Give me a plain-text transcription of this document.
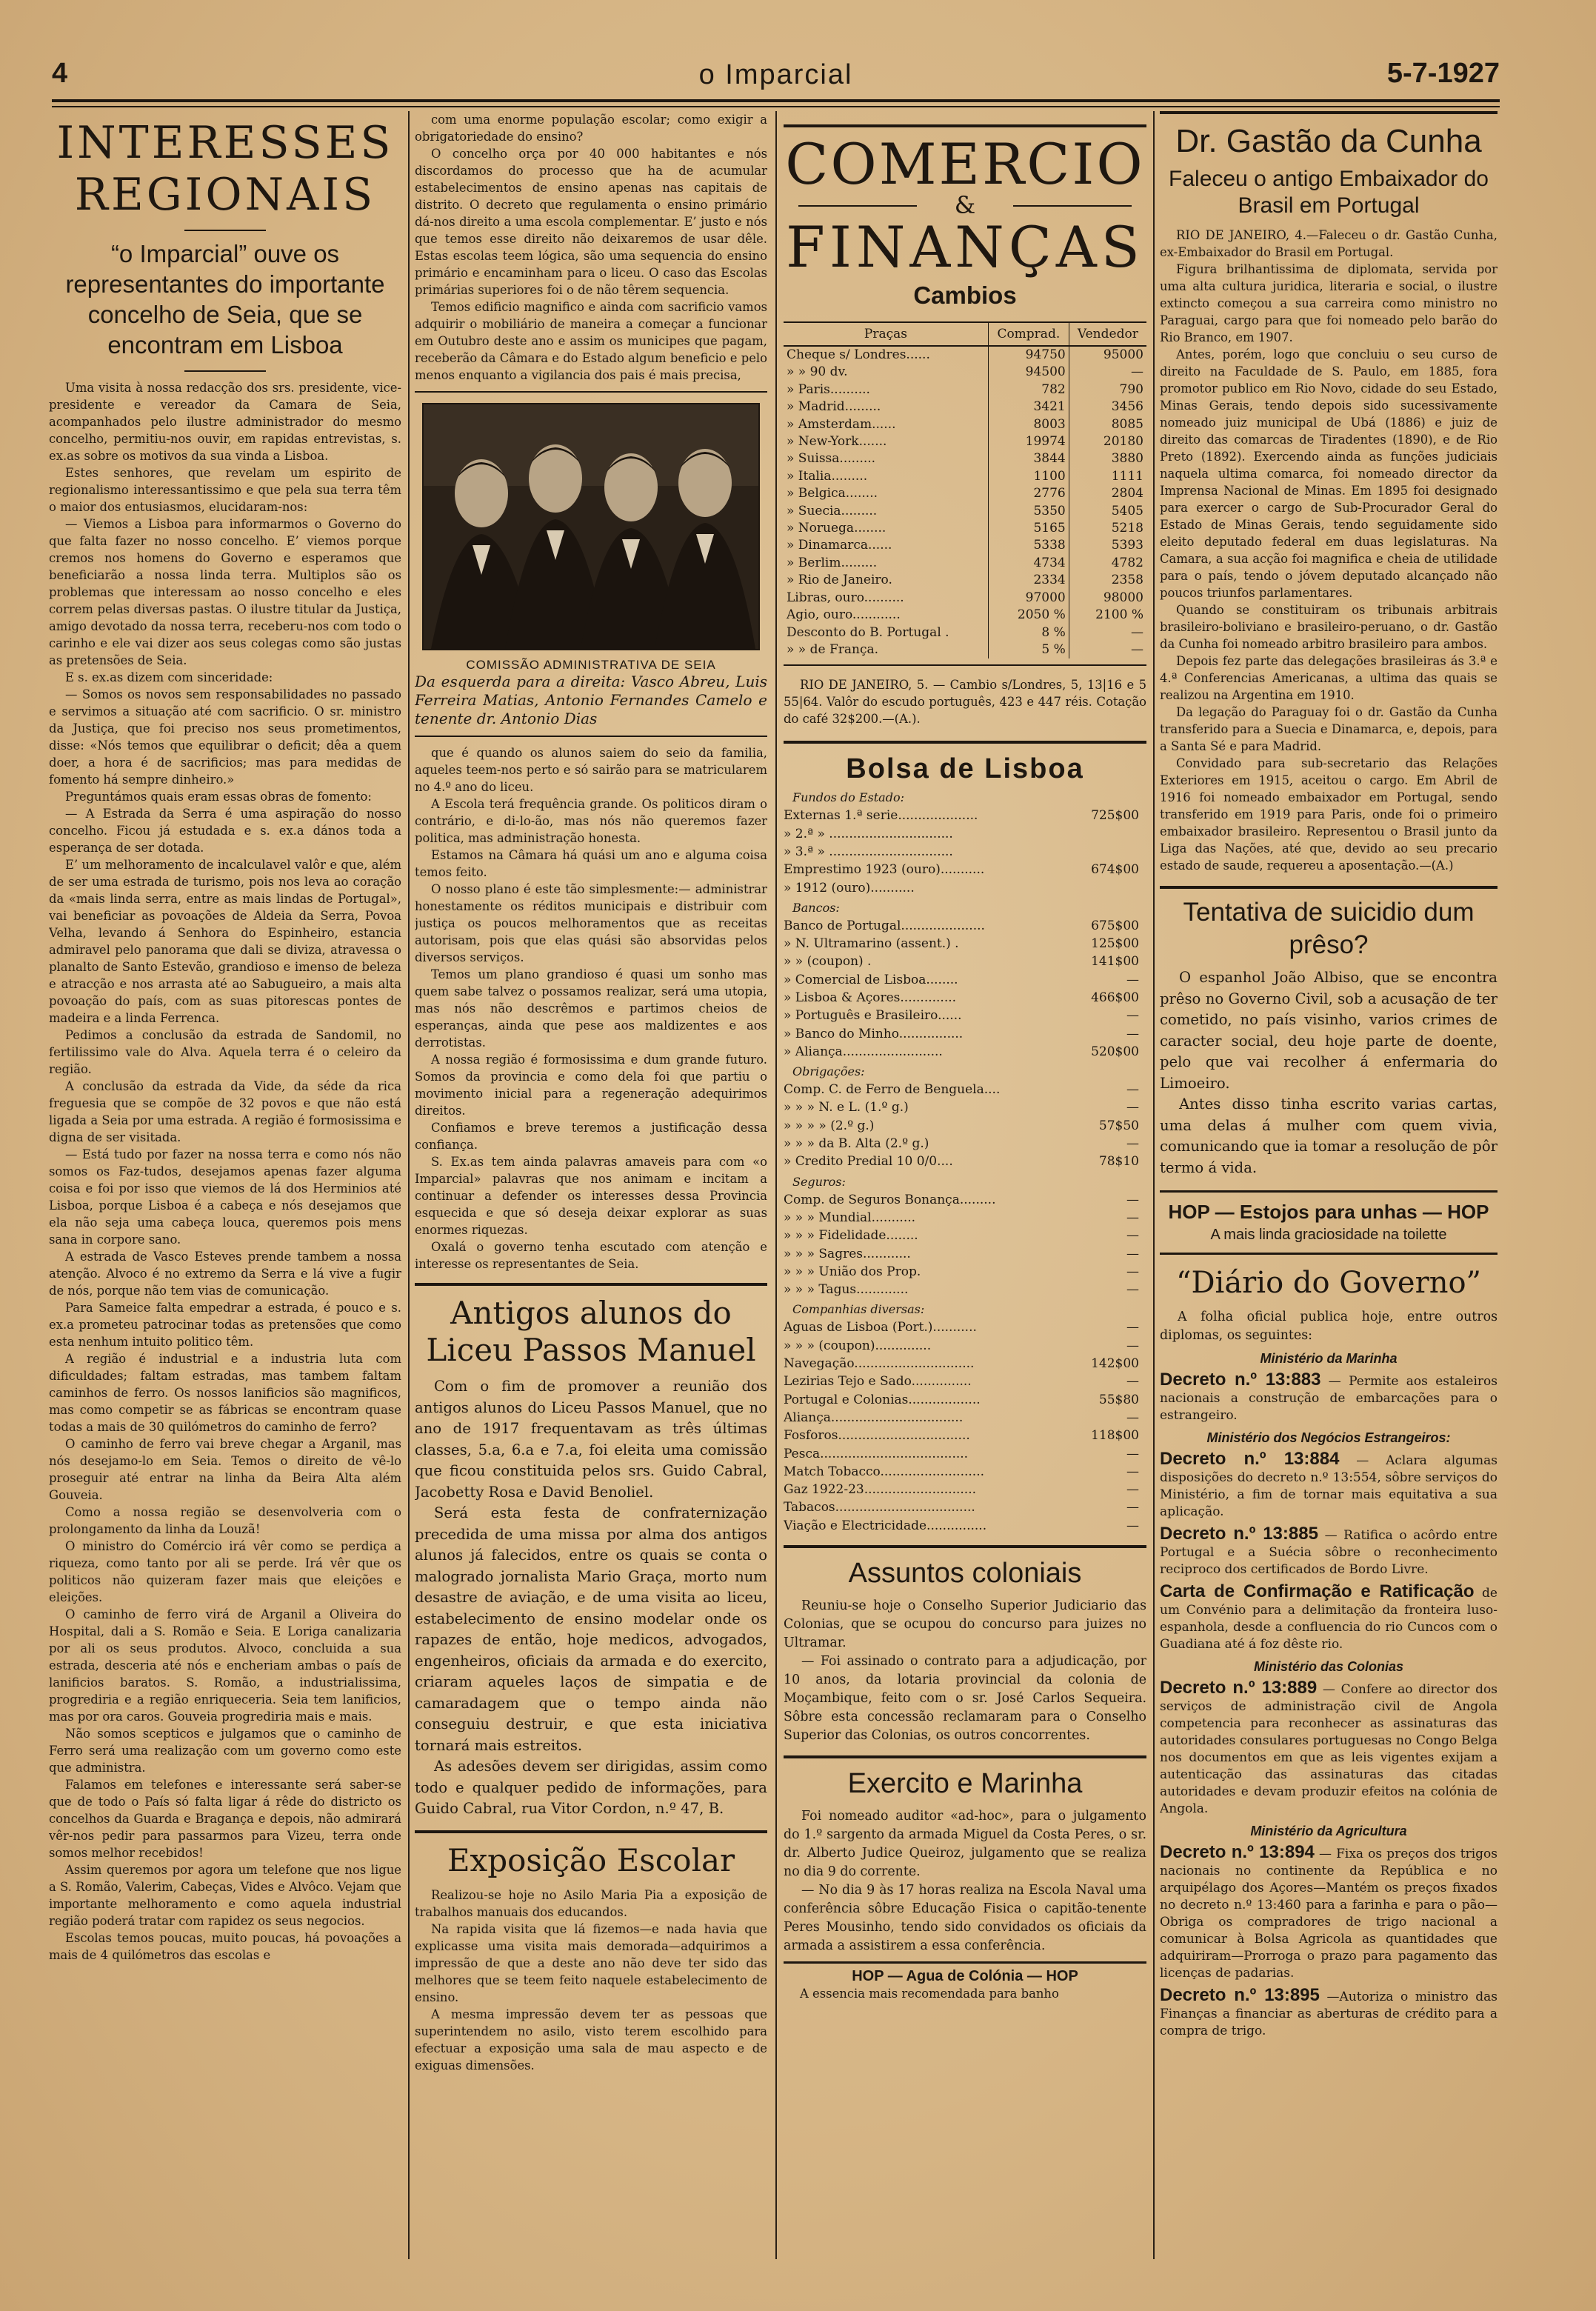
4	o Imparcial	5-7-1927
INTERESSES REGIONAIS
“o Imparcial” ouve os representantes do importante concelho de Seia, que se encontram em Lisboa

Uma visita à nossa redacção dos srs. presidente, vice-presidente e vereador da Camara de Seia, acompanhados pelo ilustre administrador do mesmo concelho, permitiu-nos ouvir, em rapidas entrevistas, s. ex.as sobre os motivos da sua vinda a Lisboa.

Estes senhores, que revelam um espirito de regionalismo interessantissimo e que pela sua terra têm o maior dos entusiasmos, elucidaram-nos:

— Viemos a Lisboa para informarmos o Governo do que falta fazer no nosso concelho. E’ viemos porque cremos nos homens do Governo e esperamos que beneficiarão a nossa linda terra. Multiplos são os problemas que interessam ao nosso concelho e eles correm pelas diversas pastas. O ilustre titular da Justiça, amigo devotado da nossa terra, receberu-nos com todo o carinho e ele vai dizer aos seus colegas como são justas as pretensões de Seia.

E s. ex.as dizem com sinceridade:

— Somos os novos sem responsabilidades no passado e servimos a situação até com sacrificio. O sr. ministro da Justiça, que foi preciso nos seus prometimentos, disse: «Nós temos que equilibrar o deficit; dêa a quem doer, a hora é de sacrificios; mas para medidas de fomento há sempre dinheiro.»

Preguntámos quais eram essas obras de fomento:

— A Estrada da Serra é uma aspiração do nosso concelho. Ficou já estudada e s. ex.a dános toda a esperança de ser dotada.

E’ um melhoramento de incalculavel valôr e que, além de ser uma estrada de turismo, pois nos leva ao coração da «mais linda serra, entre as mais lindas de Portugal», vai beneficiar as povoações de Aldeia da Serra, Povoa Velha, levando á Senhora do Espinheiro, estancia admiravel pelo panorama que dali se diviza, atravessa o planalto de Santo Estevão, grandioso e imenso de beleza e atracção e nos arrasta até ao Sabugueiro, a mais alta povoação do país, com as suas pitorescas pontes de madeira e a linda Ferrenca.

Pedimos a conclusão da estrada de Sandomil, no fertilissimo vale do Alva. Aquela terra é o celeiro da região.

A conclusão da estrada da Vide, da séde da rica freguesia que se compõe de 32 povos e que não está ligada a Seia por uma estrada. A região é formosissima e digna de ser visitada.

— Está tudo por fazer na nossa terra e como nós não somos os Faz-tudos, desejamos apenas fazer alguma coisa e foi por isso que viemos de lá dos Herminios até Lisboa, porque Lisboa é a cabeça e nós desejamos que ela não seja uma cabeça louca, queremos pois mens sana in corpore sano.

A estrada de Vasco Esteves prende tambem a nossa atenção. Alvoco é no extremo da Serra e lá vive a fugir de nós, porque não tem vias de comunicação.

Para Sameice falta empedrar a estrada, é pouco e s. ex.a prometeu patrocinar todas as pretensões que como esta nenhum intuito politico têm.

A região é industrial e a industria luta com dificuldades; faltam estradas, mas tambem faltam caminhos de ferro. Os nossos lanificios são magnificos, mas como competir se as fábricas se encontram quase todas a mais de 30 quilómetros do caminho de ferro?

O caminho de ferro vai breve chegar a Arganil, mas nós desejamo-lo em Seia. Temos o direito de vê-lo proseguir até entrar na linha da Beira Alta além Gouveia.

Como a nossa região se desenvolveria com o prolongamento da linha da Louzã!

O ministro do Comércio irá vêr como se perdiça a riqueza, como tanto por ali se perde. Irá vêr que os politicos não quizeram fazer mais que eleições e eleições.

O caminho de ferro virá de Arganil a Oliveira do Hospital, dali a S. Romão e Seia. E Loriga canalizaria por ali os seus produtos. Alvoco, concluida a sua estrada, desceria até nós e encheriam ambas o país de lanificios baratos. S. Romão, a industrialissima, progrediria e a região enriqueceria. Seia tem lanificios, mas por ora caros. Gouveia progrediria mais e mais.

Não somos scepticos e julgamos que o caminho de Ferro será uma realização com um governo como este que administra.

Falamos em telefones e interessante será saber-se que de todo o País só falta ligar á rêde do districto os concelhos da Guarda e Bragança e depois, não admirará vêr-nos pedir para passarmos para Vizeu, terra onde somos melhor recebidos!

Assim queremos por agora um telefone que nos ligue a S. Romão, Valerim, Cabeças, Vides e Alvôco. Vejam que importante melhoramento e como aquela industrial região poderá tratar com rapidez os seus negocios.

Escolas temos poucas, muito poucas, há povoações a mais de 4 quilómetros das escolas e

com uma enorme população escolar; como exigir a obrigatoriedade do ensino?

O concelho orça por 40 000 habitantes e nós discordamos do processo que ha de acumular estabelecimentos de ensino apenas nas capitais de distrito. O decreto que regulamenta o ensino primário dá-nos direito a uma escola complementar. E’ justo e nós que temos esse direito não deixaremos de usar dêle. Estas escolas teem lógica, são uma sequencia do ensino primário e encaminham para o liceu. O caso das Escolas primárias superiores foi o de não têrem sequencia.

Temos edificio magnifico e ainda com sacrificio vamos adquirir o mobiliário de maneira a começar a funcionar em Outubro deste ano e assim os municipes que pagam, receberão da Câmara e do Estado algum beneficio e pelo menos enquanto a vigilancia dos pais é mais precisa,

COMISSÃO ADMINISTRATIVA DE SEIA
Da esquerda para a direita: Vasco Abreu, Luis Ferreira Matias, Antonio Fernandes Camelo e tenente dr. Antonio Dias

que é quando os alunos saiem do seio da familia, aqueles teem-nos perto e só sairão para se matricularem no 4.º ano do liceu.

A Escola terá frequência grande. Os politicos diram o contrário, e di-lo-ão, mas nós não queremos fazer politica, mas administração honesta.

Estamos na Câmara há quási um ano e alguma coisa temos feito.

O nosso plano é este tão simplesmente:— administrar honestamente os réditos municipais e distribuir com justiça os poucos melhoramentos que as receitas autorisam, pois que elas quási são absorvidas pelos diversos serviços.

Temos um plano grandioso é quasi um sonho mas quem sabe talvez o possamos realizar, será uma utopia, mas nós não descrêmos e partimos cheios de esperanças, ainda que pese aos maldizentes e aos derrotistas.

A nossa região é formosissima e dum grande futuro. Somos da provincia e como dela foi que partiu o movimento inicial para a regeneração adequirimos direitos.

Confiamos e breve teremos a justificação dessa confiança.

S. Ex.as tem ainda palavras amaveis para com «o Imparcial» palavras que nos animam e incitam a continuar a defender os interesses dessa Provincia esquecida e que só deseja deixar explorar as suas enormes riquezas.

Oxalá o governo tenha escutado com atenção e interesse os representantes de Seia.

Antigos alunos do Liceu Passos Manuel

Com o fim de promover a reunião dos antigos alunos do Liceu Passos Manuel, que no ano de 1917 frequentavam as três últimas classes, 5.a, 6.a e 7.a, foi eleita uma comissão que ficou constituida pelos srs. Guido Cabral, Jacobetty Rosa e David Benoliel.

Será esta festa de confraternização precedida de uma missa por alma dos antigos alunos já falecidos, entre os quais se conta o malogrado jornalista Mario Graça, morto num desastre de aviação, e de uma visita ao liceu, estabelecimento de ensino modelar onde os rapazes de então, hoje medicos, advogados, engenheiros, oficiais da armada e do exercito, criaram aqueles laços de simpatia e de camaradagem que o tempo ainda não conseguiu destruir, e que esta iniciativa tornará mais estreitos.

As adesões devem ser dirigidas, assim como todo e qualquer pedido de informações, para Guido Cabral, rua Vitor Cordon, n.º 47, B.

Exposição Escolar

Realizou-se hoje no Asilo Maria Pia a exposição de trabalhos manuais dos educandos.

Na rapida visita que lá fizemos—e nada havia que explicasse uma visita mais demorada—adquirimos a impressão de que a deste ano não deve ter sido das melhores que se teem feito naquele estabelecimento de ensino.

A mesma impressão devem ter as pessoas que superintendem no asilo, visto terem escolhido para efectuar a exposição uma sala de mau aspecto e de exiguas dimensões.

COMERCIO
&
FINANÇAS
Cambios
Praças	Comprad.	Vendedor
Cheque s/ Londres......	94750	95000
» » 90 dv.	94500	—
» Paris..........	782	790
» Madrid.........	3421	3456
» Amsterdam......	8003	8085
» New-York.......	19974	20180
» Suissa.........	3844	3880
» Italia.........	1100	1111
» Belgica........	2776	2804
» Suecia.........	5350	5405
» Noruega........	5165	5218
» Dinamarca......	5338	5393
» Berlim.........	4734	4782
» Rio de Janeiro.	2334	2358
Libras, ouro..........	97000	98000
Agio, ouro............	2050 %	2100 %
Desconto do B. Portugal .	8 %	—
» » de França.	5 %	—

RIO DE JANEIRO, 5. — Cambio s/Londres, 5, 13|16 e 5 55|64. Valôr do escudo português, 423 e 447 réis. Cotação do café 32$200.—(A.).

Bolsa de Lisboa
Fundos do Estado:
Externas 1.ª serie....................	725$00
» 2.ª » ...............................
» 3.ª » ...............................
Emprestimo 1923 (ouro)...........	674$00
» 1912 (ouro)...........
Bancos:
Banco de Portugal.....................	675$00
» N. Ultramarino (assent.) .	125$00
» » (coupon) .	141$00
» Comercial de Lisboa........	—
» Lisboa & Açores..............	466$00
» Português e Brasileiro......	—
» Banco do Minho................	—
» Aliança.........................	520$00
Obrigações:
Comp. C. de Ferro de Benguela....	—
» » » N. e L. (1.º g.)	—
» » » » (2.º g.)	57$50
» » » da B. Alta (2.º g.)	—
» Credito Predial 10 0/0....	78$10
Seguros:
Comp. de Seguros Bonança.........	—
» » » Mundial...........	—
» » » Fidelidade........	—
» » » Sagres............	—
» » » União dos Prop.	—
» » » Tagus.............	—
Companhias diversas:
Aguas de Lisboa (Port.)...........	—
» » » (coupon)..............	—
Navegação..............................	142$00
Lezirias Tejo e Sado...............	—
Portugal e Colonias..................	55$80
Aliança.................................	—
Fosforos.................................	118$00
Pesca.....................................	—
Match Tobacco..........................	—
Gaz 1922-23............................	—
Tabacos...................................	—
Viação e Electricidade...............	—
Assuntos coloniais

Reuniu-se hoje o Conselho Superior Judiciario das Colonias, que se ocupou do concurso para juizes no Ultramar.

— Foi assinado o contrato para a adjudicação, por 10 anos, da lotaria provincial da colonia de Moçambique, feito com o sr. José Carlos Sequeira. Sôbre esta concessão reclamaram para o Conselho Superior das Colonias, os outros concorrentes.

Exercito e Marinha

Foi nomeado auditor «ad-hoc», para o julgamento do 1.º sargento da armada Miguel da Costa Peres, o sr. dr. Alberto Judice Queiroz, julgamento que se realiza no dia 9 do corrente.

— No dia 9 às 17 horas realiza na Escola Naval uma conferência sôbre Educação Fisica o capitão-tenente Peres Mousinho, tendo sido convidados os oficiais da armada a assistirem a essa conferência.

HOP — Agua de Colónia — HOP

A essencia mais recomendada para banho

Dr. Gastão da Cunha
Faleceu o antigo Embaixador do Brasil em Portugal

RIO DE JANEIRO, 4.—Faleceu o dr. Gastão Cunha, ex-Embaixador do Brasil em Portugal.

Figura brilhantissima de diplomata, servida por uma alta cultura juridica, literaria e social, o ilustre extincto começou a sua carreira como ministro no Paraguai, cargo para que foi nomeado pelo barão do Rio Branco, em 1907.

Antes, porém, logo que concluiu o seu curso de direito na Faculdade de S. Paulo, em 1885, fora promotor publico em Rio Novo, cidade do seu Estado, Minas Gerais, tendo depois sido sucessivamente nomeado juiz municipal de Ubá (1886) e juiz de direito das comarcas de Tiradentes (1890), e de Rio Preto (1892). Exercendo ainda as funções judiciais naquela ultima comarca, foi nomeado director da Imprensa Nacional de Minas. Em 1895 foi designado para exercer o cargo de Sub-Procurador Geral do Estado de Minas Gerais, tendo seguidamente sido eleito deputado federal em duas legislaturas. Na Camara, a sua acção foi magnifica e cheia de utilidade para o país, tendo o jóvem deputado alcançado não poucos triunfos parlamentares.

Quando se constituiram os tribunais arbitrais brasileiro-boliviano e brasileiro-peruano, o dr. Gastão da Cunha foi nomeado arbitro brasileiro para ambos.

Depois fez parte das delegações brasileiras ás 3.ª e 4.ª Conferencias Americanas, a ultima das quais se realizou na Argentina em 1910.

Da legação do Paraguay foi o dr. Gastão da Cunha transferido para a Suecia e Dinamarca, e, depois, para a Santa Sé e para Madrid.

Convidado para sub-secretario das Relações Exteriores em 1915, aceitou o cargo. Em Abril de 1916 foi nomeado embaixador em Portugal, sendo transferido em 1919 para Paris, onde foi o primeiro embaixador brasileiro. Representou o Brasil junto da Liga das Nações, até que, devido ao seu precario estado de saude, requereu a aposentação.—(A.)

Tentativa de suicidio dum prêso?

O espanhol João Albiso, que se encontra prêso no Governo Civil, sob a acusação de ter cometido, no país visinho, varios crimes de caracter social, deu hoje parte de doente, pelo que vai recolher á enfermaria do Limoeiro.

Antes disso tinha escrito varias cartas, uma delas á mulher com quem vivia, comunicando que ia tomar a resolução de pôr termo á vida.

HOP — Estojos para unhas — HOP
A mais linda graciosidade na toilette
“Diário do Governo”

A folha oficial publica hoje, entre outros diplomas, os seguintes:

Ministério da Marinha

Decreto n.º 13:883 — Permite aos estaleiros nacionais a construção de embarcações para o estrangeiro.

Ministério dos Negócios Estrangeiros:

Decreto n.º 13:884 — Aclara algumas disposições do decreto n.º 13:554, sôbre serviços do Ministério, a fim de tornar mais equitativa a sua aplicação.

Decreto n.º 13:885 — Ratifica o acôrdo entre Portugal e a Suécia sôbre o reconhecimento reciproco dos certificados de Bordo Livre.

Carta de Confirmação e Ratificação de um Convénio para a delimitação da fronteira luso-espanhola, desde a confluencia do rio Cuncos com o Guadiana até á foz dêste rio.

Ministério das Colonias

Decreto n.º 13:889 — Confere ao director dos serviços de administração civil de Angola competencia para reconhecer as assinaturas das autoridades consulares portuguesas no Congo Belga nos documentos em que as leis vigentes exijam a autenticação das assinaturas das citadas autoridades e devam produzir efeitos na colónia de Angola.

Ministério da Agricultura

Decreto n.º 13:894 — Fixa os preços dos trigos nacionais no continente da República e no arquipélago dos Açores—Mantém os preços fixados no decreto n.º 13:460 para a farinha e para o pão—Obriga os compradores de trigo nacional a comunicar à Bolsa Agricola as quantidades que adquiriram—Prorroga o prazo para pagamento das licenças de padarias.

Decreto n.º 13:895 —Autoriza o ministro das Finanças a financiar as aberturas de crédito para a compra de trigo.
